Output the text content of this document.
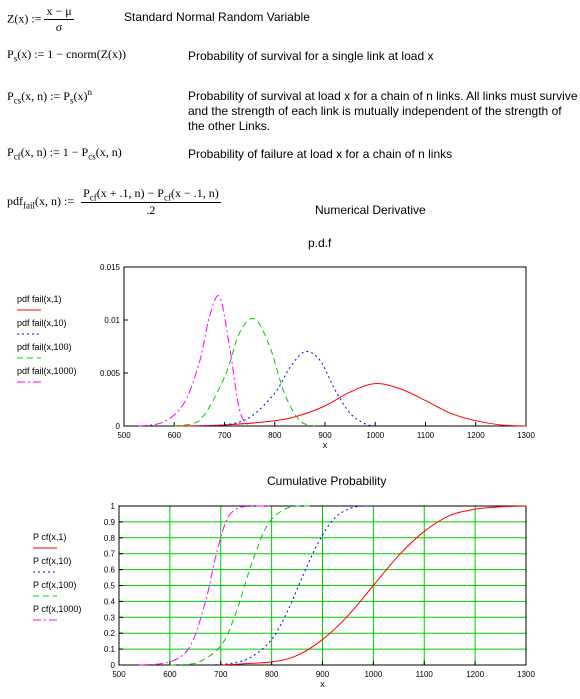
Z(x) := $\frac{x - \mu}{\sigma}$	Standard Normal Random Variable
$P_s(x)$ := 1 − cnorm(Z(x))	Probability of survival for a single link at load x
$P_{cs}(x$, n) := $P_s(x)^n$	Probability of survival at load x for a chain of n links. All links must survive and the strength of each link is mutually independent of the strength of the other Links.
$P_{cf}(x$, n) := $1 - P_{cs}(x$, n)	Probability of failure at load x for a chain of n links
pdf$_{fail}$(x, n) := $\frac{P_{cf}(x + .1, n) - P_{cf}(x - .1, n)}{.2}$	Numerical Derivative
p.d.f
500	600	700	800	900	1000	1100	1200	1300
0
0.005
0.01
0.015
x
pdf fail(x,1)
pdf fail(x,10)
pdf fail(x,100)
pdf fail(x,1000)
Cumulative Probability
500	600	700	800	900	1000	1100	1200	1300
0
0.1
0.2
0.3
0.4
0.5
0.6
0.7
0.8
0.9
1
x
P cf(x,1)
P cf(x,10)
P cf(x,100)
P cf(x,1000)
